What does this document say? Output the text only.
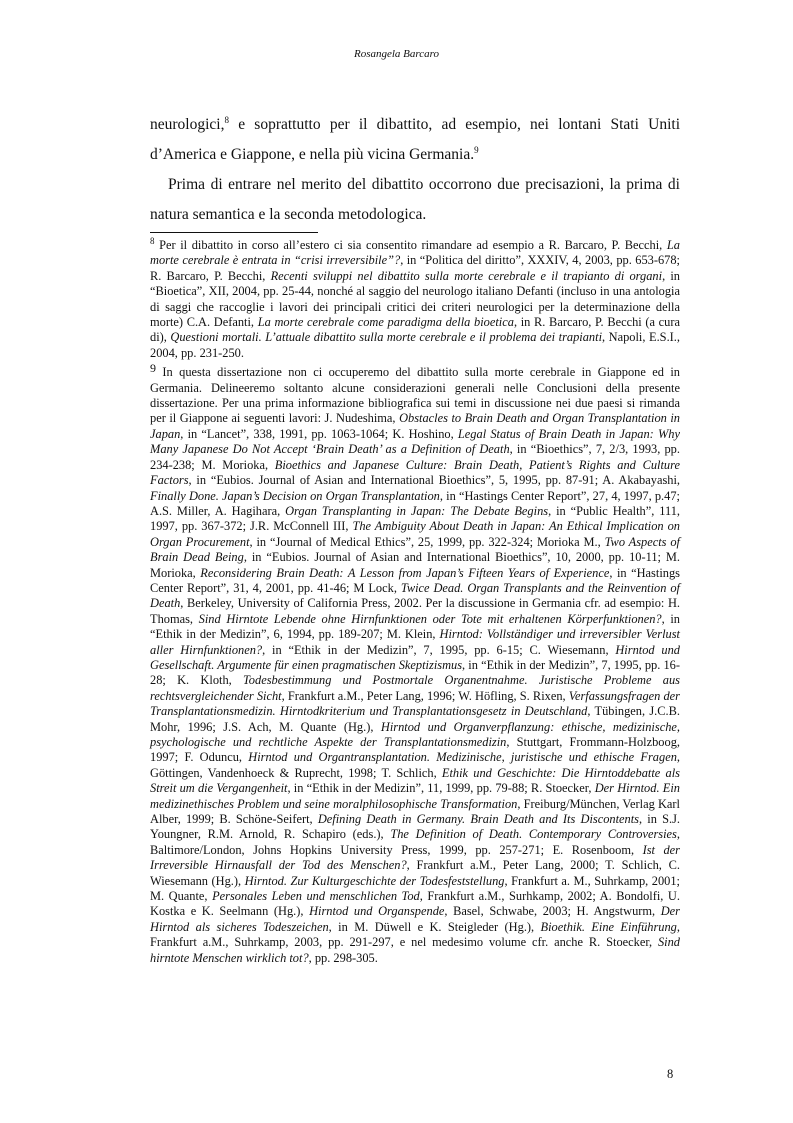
Rosangela Barcaro

neurologici,$^8$ e soprattutto per il dibattito, ad esempio, nei lontani Stati Uniti d’America e Giappone, e nella più vicina Germania.$^9$

Prima di entrare nel merito del dibattito occorrono due precisazioni, la prima di natura semantica e la seconda metodologica.

$^8$ Per il dibattito in corso all’estero ci sia consentito rimandare ad esempio a R. Barcaro, P. Becchi, La morte cerebrale è entrata in “crisi irreversibile”?, in “Politica del diritto”, XXXIV, 4, 2003, pp. 653-678; R. Barcaro, P. Becchi, Recenti sviluppi nel dibattito sulla morte cerebrale e il trapianto di organi, in “Bioetica”, XII, 2004, pp. 25-44, nonché al saggio del neurologo italiano Defanti (incluso in una antologia di saggi che raccoglie i lavori dei principali critici dei criteri neurologici per la determinazione della morte) C.A. Defanti, La morte cerebrale come paradigma della bioetica, in R. Barcaro, P. Becchi (a cura di), Questioni mortali. L’attuale dibattito sulla morte cerebrale e il problema dei trapianti, Napoli, E.S.I., 2004, pp. 231-250.

9 In questa dissertazione non ci occuperemo del dibattito sulla morte cerebrale in Giappone ed in Germania. Delineeremo soltanto alcune considerazioni generali nelle Conclusioni della presente dissertazione. Per una prima informazione bibliografica sui temi in discussione nei due paesi si rimanda per il Giappone ai seguenti lavori: J. Nudeshima, Obstacles to Brain Death and Organ Transplantation in Japan, in “Lancet”, 338, 1991, pp. 1063-1064; K. Hoshino, Legal Status of Brain Death in Japan: Why Many Japanese Do Not Accept ‘Brain Death’ as a Definition of Death, in “Bioethics”, 7, 2/3, 1993, pp. 234-238; M. Morioka, Bioethics and Japanese Culture: Brain Death, Patient’s Rights and Culture Factors, in “Eubios. Journal of Asian and International Bioethics”, 5, 1995, pp. 87-91; A. Akabayashi, Finally Done. Japan’s Decision on Organ Transplantation, in “Hastings Center Report”, 27, 4, 1997, p.47; A.S. Miller, A. Hagihara, Organ Transplanting in Japan: The Debate Begins, in “Public Health”, 111, 1997, pp. 367-372; J.R. McConnell III, The Ambiguity About Death in Japan: An Ethical Implication on Organ Procurement, in “Journal of Medical Ethics”, 25, 1999, pp. 322-324; Morioka M., Two Aspects of Brain Dead Being, in “Eubios. Journal of Asian and International Bioethics”, 10, 2000, pp. 10-11; M. Morioka, Reconsidering Brain Death: A Lesson from Japan’s Fifteen Years of Experience, in “Hastings Center Report”, 31, 4, 2001, pp. 41-46; M Lock, Twice Dead. Organ Transplants and the Reinvention of Death, Berkeley, University of California Press, 2002. Per la discussione in Germania cfr. ad esempio: H. Thomas, Sind Hirntote Lebende ohne Hirnfunktionen oder Tote mit erhaltenen Körperfunktionen?, in “Ethik in der Medizin”, 6, 1994, pp. 189-207; M. Klein, Hirntod: Vollständiger und irreversibler Verlust aller Hirnfunktionen?, in “Ethik in der Medizin”, 7, 1995, pp. 6-15; C. Wiesemann, Hirntod und Gesellschaft. Argumente für einen pragmatischen Skeptizismus, in “Ethik in der Medizin”, 7, 1995, pp. 16-28; K. Kloth, Todesbestimmung und Postmortale Organentnahme. Juristische Probleme aus rechtsvergleichender Sicht, Frankfurt a.M., Peter Lang, 1996; W. Höfling, S. Rixen, Verfassungsfragen der Transplantationsmedizin. Hirntodkriterium und Transplantationsgesetz in Deutschland, Tübingen, J.C.B. Mohr, 1996; J.S. Ach, M. Quante (Hg.), Hirntod und Organverpflanzung: ethische, medizinische, psychologische und rechtliche Aspekte der Transplantationsmedizin, Stuttgart, Frommann-Holzboog, 1997; F. Oduncu, Hirntod und Organtransplantation. Medizinische, juristische und ethische Fragen, Göttingen, Vandenhoeck & Ruprecht, 1998; T. Schlich, Ethik und Geschichte: Die Hirntoddebatte als Streit um die Vergangenheit, in “Ethik in der Medizin”, 11, 1999, pp. 79-88; R. Stoecker, Der Hirntod. Ein medizinethisches Problem und seine moralphilosophische Transformation, Freiburg/München, Verlag Karl Alber, 1999; B. Schöne-Seifert, Defining Death in Germany. Brain Death and Its Discontents, in S.J. Youngner, R.M. Arnold, R. Schapiro (eds.), The Definition of Death. Contemporary Controversies, Baltimore/London, Johns Hopkins University Press, 1999, pp. 257-271; E. Rosenboom, Ist der Irreversible Hirnausfall der Tod des Menschen?, Frankfurt a.M., Peter Lang, 2000; T. Schlich, C. Wiesemann (Hg.), Hirntod. Zur Kulturgeschichte der Todesfeststellung, Frankfurt a. M., Suhrkamp, 2001; M. Quante, Personales Leben und menschlichen Tod, Frankfurt a.M., Surhkamp, 2002; A. Bondolfi, U. Kostka e K. Seelmann (Hg.), Hirntod und Organspende, Basel, Schwabe, 2003; H. Angstwurm, Der Hirntod als sicheres Todeszeichen, in M. Düwell e K. Steigleder (Hg.), Bioethik. Eine Einführung, Frankfurt a.M., Suhrkamp, 2003, pp. 291-297, e nel medesimo volume cfr. anche R. Stoecker, Sind hirntote Menschen wirklich tot?, pp. 298-305.

8
